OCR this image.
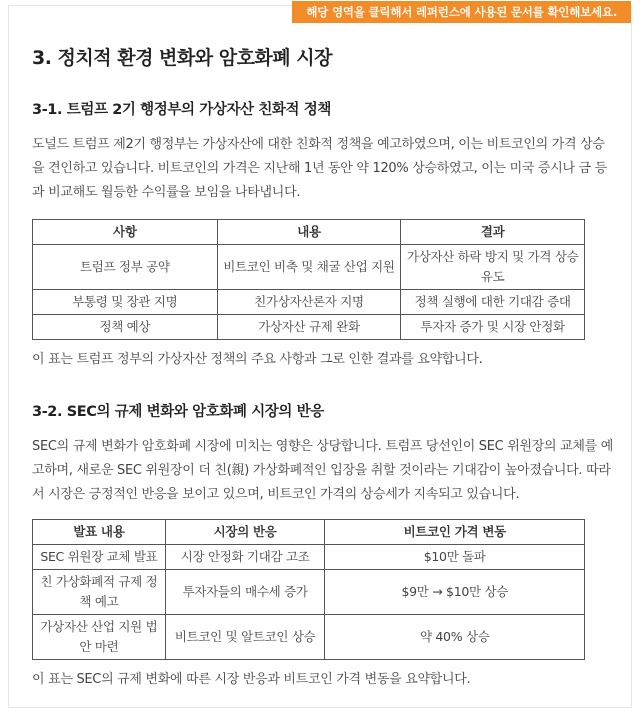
해당 영역을 클릭해서 레퍼런스에 사용된 문서를 확인해보세요.
3. 정치적 환경 변화와 암호화폐 시장
3-1. 트럼프 2기 행정부의 가상자산 친화적 정책

도널드 트럼프 제2기 행정부는 가상자산에 대한 친화적 정책을 예고하였으며, 이는 비트코인의 가격 상승을 견인하고 있습니다. 비트코인의 가격은 지난해 1년 동안 약 120% 상승하였고, 이는 미국 증시나 금 등과 비교해도 월등한 수익률을 보임을 나타냅니다.

사항	내용	결과
트럼프 정부 공약	비트코인 비축 및 채굴 산업 지원	가상자산 하락 방지 및 가격 상승 유도
부통령 및 장관 지명	친가상자산론자 지명	정책 실행에 대한 기대감 증대
정책 예상	가상자산 규제 완화	투자자 증가 및 시장 안정화

이 표는 트럼프 정부의 가상자산 정책의 주요 사항과 그로 인한 결과를 요약합니다.

3-2. SEC의 규제 변화와 암호화폐 시장의 반응

SEC의 규제 변화가 암호화폐 시장에 미치는 영향은 상당합니다. 트럼프 당선인이 SEC 위원장의 교체를 예고하며, 새로운 SEC 위원장이 더 친(親) 가상화폐적인 입장을 취할 것이라는 기대감이 높아졌습니다. 따라서 시장은 긍정적인 반응을 보이고 있으며, 비트코인 가격의 상승세가 지속되고 있습니다.

발표 내용	시장의 반응	비트코인 가격 변동
SEC 위원장 교체 발표	시장 안정화 기대감 고조	$10만 돌파
친 가상화폐적 규제 정책 예고	투자자들의 매수세 증가	$9만 → $10만 상승
가상자산 산업 지원 법안 마련	비트코인 및 알트코인 상승	약 40% 상승

이 표는 SEC의 규제 변화에 따른 시장 반응과 비트코인 가격 변동을 요약합니다.
